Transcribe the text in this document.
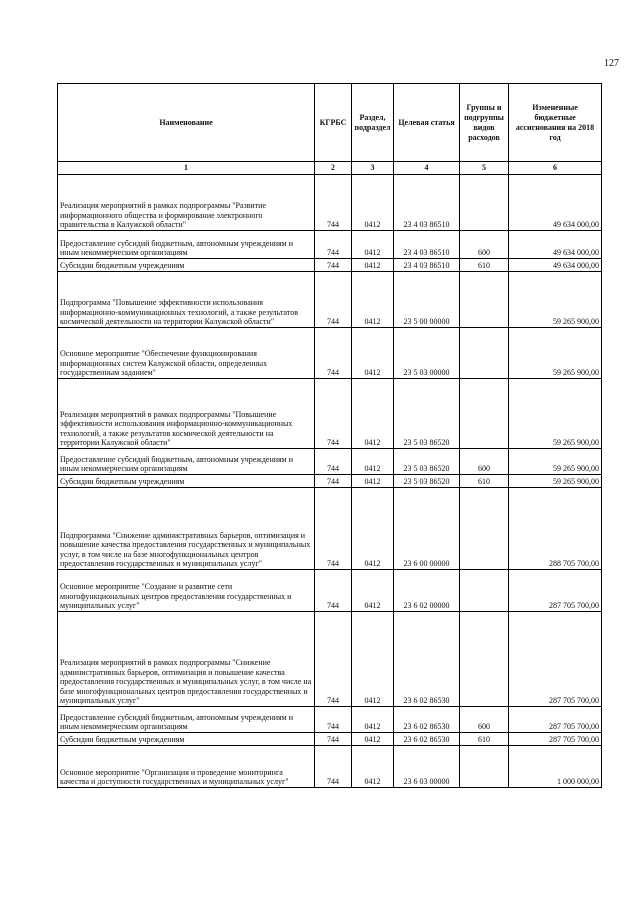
127
Наименование	КГРБС	Раздел, подраздел	Целевая статья	Группы и подгруппы видов расходов	Измененные бюджетные ассигнования на 2018 год
1	2	3	4	5	6
Реализация мероприятий в рамках подпрограммы "Развитие информационного общества и формирование электронного правительства в Калужской области"	744	0412	23 4 03 86510		49 634 000,00
Предоставление субсидий бюджетным, автономным учреждениям и иным некоммерческим организациям	744	0412	23 4 03 86510	600	49 634 000,00
Субсидии бюджетным учреждениям	744	0412	23 4 03 86510	610	49 634 000,00
Подпрограмма "Повышение эффективности использования информационно-коммуникационных технологий, а также результатов космической деятельности на территории Калужской области"	744	0412	23 5 00 00000		59 265 900,00
Основное мероприятие "Обеспечение функционирования информационных систем Калужской области, определенных государственным заданием"	744	0412	23 5 03 00000		59 265 900,00
Реализация мероприятий в рамках подпрограммы "Повышение эффективности использования информационно-коммуникационных технологий, а также результатов космической деятельности на территории Калужской области"	744	0412	23 5 03 86520		59 265 900,00
Предоставление субсидий бюджетным, автономным учреждениям и иным некоммерческим организациям	744	0412	23 5 03 86520	600	59 265 900,00
Субсидии бюджетным учреждениям	744	0412	23 5 03 86520	610	59 265 900,00
Подпрограмма "Снижение административных барьеров, оптимизация и повышение качества предоставления государственных и муниципальных услуг, в том числе на базе многофункциональных центров предоставления государственных и муниципальных услуг"	744	0412	23 6 00 00000		288 705 700,00
Основное мероприятие "Создание и развитие сети многофункциональных центров предоставления государственных и муниципальных услуг"	744	0412	23 6 02 00000		287 705 700,00
Реализация мероприятий в рамках подпрограммы "Снижение административных барьеров, оптимизация и повышение качества предоставления государственных и муниципальных услуг, в том числе на базе многофункциональных центров предоставления государственных и муниципальных услуг"	744	0412	23 6 02 86530		287 705 700,00
Предоставление субсидий бюджетным, автономным учреждениям и иным некоммерческим организациям	744	0412	23 6 02 86530	600	287 705 700,00
Субсидии бюджетным учреждениям	744	0412	23 6 02 86530	610	287 705 700,00
Основное мероприятие "Организация и проведение мониторинга качества и доступности государственных и муниципальных услуг"	744	0412	23 6 03 00000		1 000 000,00
